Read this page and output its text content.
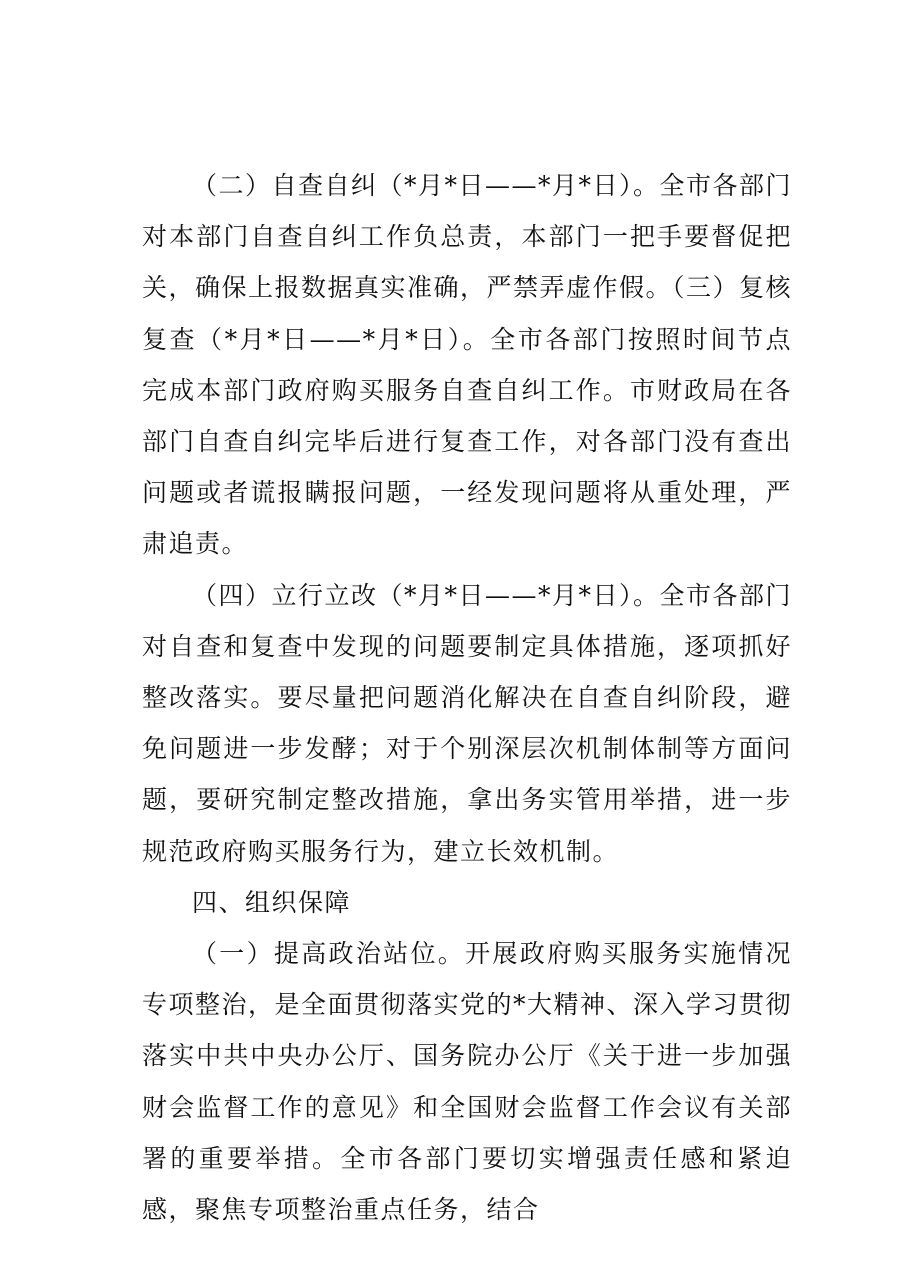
（二）自查自纠（*月*日——*月*日）。全市各部门对本部门自查自纠工作负总责，本部门一把手要督促把关，确保上报数据真实准确，严禁弄虚作假。（三）复核复查（*月*日——*月*日）。全市各部门按照时间节点完成本部门政府购买服务自查自纠工作。市财政局在各部门自查自纠完毕后进行复查工作，对各部门没有查出问题或者谎报瞒报问题，一经发现问题将从重处理，严肃追责。

（四）立行立改（*月*日——*月*日）。全市各部门对自查和复查中发现的问题要制定具体措施，逐项抓好整改落实。要尽量把问题消化解决在自查自纠阶段，避免问题进一步发酵；对于个别深层次机制体制等方面问题，要研究制定整改措施，拿出务实管用举措，进一步规范政府购买服务行为，建立长效机制。

四、组织保障

（一）提高政治站位。开展政府购买服务实施情况专项整治，是全面贯彻落实党的*大精神、深入学习贯彻落实中共中央办公厅、国务院办公厅《关于进一步加强财会监督工作的意见》和全国财会监督工作会议有关部署的重要举措。全市各部门要切实增强责任感和紧迫感，聚焦专项整治重点任务，结合
